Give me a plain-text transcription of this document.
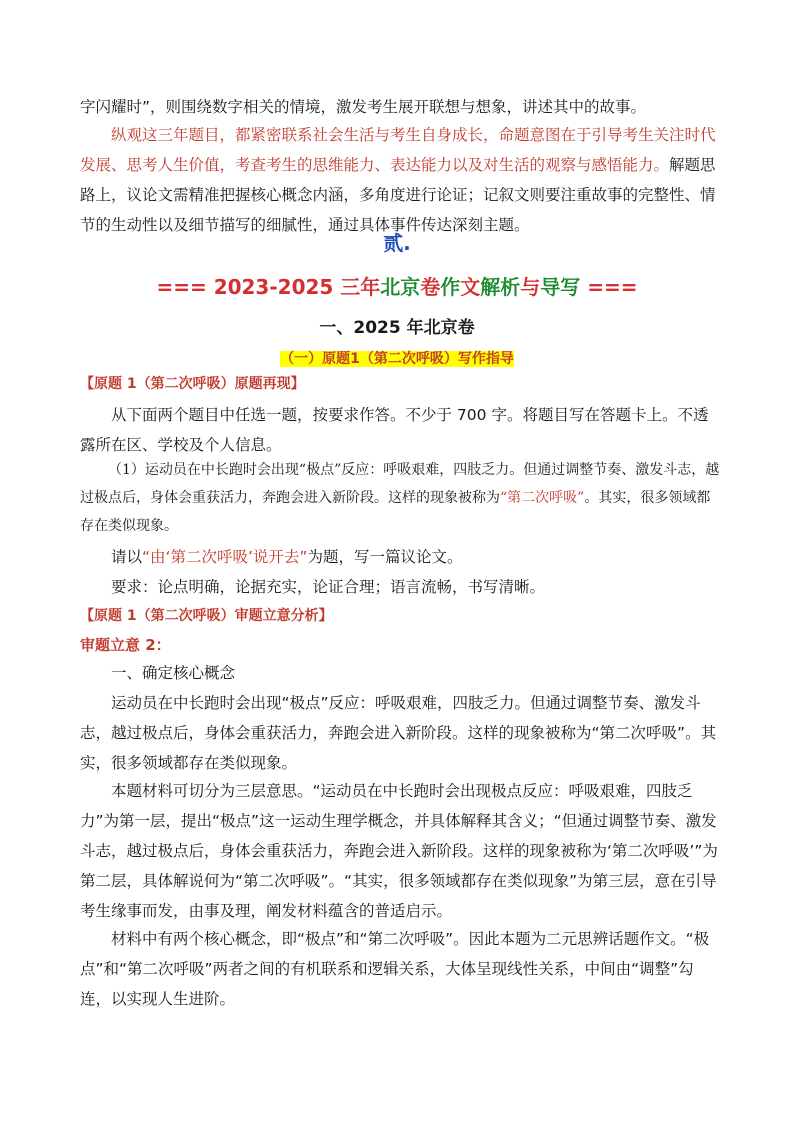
字闪耀时”，则围绕数字相关的情境，激发考生展开联想与想象，讲述其中的故事。

纵观这三年题目，都紧密联系社会生活与考生自身成长，命题意图在于引导考生关注时代发展、思考人生价值，考查考生的思维能力、表达能力以及对生活的观察与感悟能力。解题思路上，议论文需精准把握核心概念内涵，多角度进行论证；记叙文则要注重故事的完整性、情节的生动性以及细节描写的细腻性，通过具体事件传达深刻主题。

贰.
=== 2023-2025 三年北京卷作文解析与导写 ===
一、2025 年北京卷
（一）原题1（第二次呼吸）写作指导
【原题 1（第二次呼吸）原题再现】

从下面两个题目中任选一题，按要求作答。不少于 700 字。将题目写在答题卡上。不透露所在区、学校及个人信息。

（1）运动员在中长跑时会出现“极点”反应：呼吸艰难，四肢乏力。但通过调整节奏、激发斗志，越过极点后，身体会重获活力，奔跑会进入新阶段。这样的现象被称为“第二次呼吸”。其实，很多领域都存在类似现象。

请以“由‘第二次呼吸’说开去”为题，写一篇议论文。

要求：论点明确，论据充实，论证合理；语言流畅，书写清晰。

【原题 1（第二次呼吸）审题立意分析】
审题立意 2：

一、确定核心概念

运动员在中长跑时会出现“极点”反应：呼吸艰难，四肢乏力。但通过调整节奏、激发斗志，越过极点后，身体会重获活力，奔跑会进入新阶段。这样的现象被称为“第二次呼吸”。其实，很多领域都存在类似现象。

本题材料可切分为三层意思。“运动员在中长跑时会出现极点反应：呼吸艰难，四肢乏力”为第一层，提出“极点”这一运动生理学概念，并具体解释其含义；“但通过调整节奏、激发斗志，越过极点后，身体会重获活力，奔跑会进入新阶段。这样的现象被称为‘第二次呼吸’”为第二层，具体解说何为“第二次呼吸”。“其实，很多领域都存在类似现象”为第三层，意在引导考生缘事而发，由事及理，阐发材料蕴含的普适启示。

材料中有两个核心概念，即“极点”和“第二次呼吸”。因此本题为二元思辨话题作文。“极点”和“第二次呼吸”两者之间的有机联系和逻辑关系，大体呈现线性关系，中间由“调整”勾连，以实现人生进阶。
